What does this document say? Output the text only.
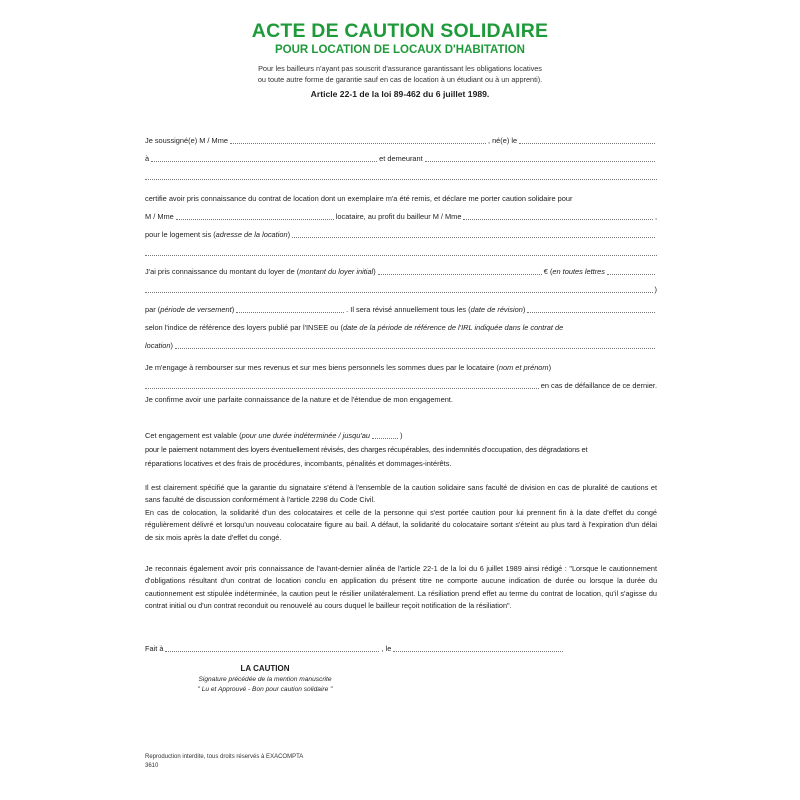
ACTE DE CAUTION SOLIDAIRE
POUR LOCATION DE LOCAUX D'HABITATION
Pour les bailleurs n'ayant pas souscrit d'assurance garantissant les obligations locatives
ou toute autre forme de garantie sauf en cas de location à un étudiant ou à un apprenti).
Article 22-1 de la loi 89-462 du 6 juillet 1989.
Je soussigné(e) M / Mme	, né(e) le
à	et demeurant
certifie avoir pris connaissance du contrat de location dont un exemplaire m'a été remis, et déclare me porter caution solidaire pour
M / Mme	locataire, au profit du bailleur M / Mme	,
pour le logement sis ( adresse de la location )
J'ai pris connaissance du montant du loyer de ( montant du loyer initial )	€ ( en toutes lettres
)
par ( période de versement )	. Il sera révisé annuellement tous les ( date de révision )
selon l'indice de référence des loyers publié par l'INSEE ou ( date de la période de référence de l'IRL indiquée dans le contrat de
location )
Je m'engage à rembourser sur mes revenus et sur mes biens personnels les sommes dues par le locataire ( nom et prénom )
en cas de défaillance de ce dernier.
Je confirme avoir une parfaite connaissance de la nature et de l'étendue de mon engagement.
Cet engagement est valable ( pour une durée indéterminée / jusqu'au	)
pour le paiement notamment des loyers éventuellement révisés, des charges récupérables, des indemnités d'occupation, des dégradations et
réparations locatives et des frais de procédures, incombants, pénalités et dommages-intérêts.
Il est clairement spécifié que la garantie du signataire s'étend à l'ensemble de la caution solidaire sans faculté de division en cas de pluralité de cautions et sans faculté de discussion conformément à l'article 2298 du Code Civil.
En cas de colocation, la solidarité d'un des colocataires et celle de la personne qui s'est portée caution pour lui prennent fin à la date d'effet du congé régulièrement délivré et lorsqu'un nouveau colocataire figure au bail. A défaut, la solidarité du colocataire sortant s'éteint au plus tard à l'expiration d'un délai de six mois après la date d'effet du congé.
Je reconnais également avoir pris connaissance de l'avant-dernier alinéa de l'article 22-1 de la loi du 6 juillet 1989 ainsi rédigé : "Lorsque le cautionnement d'obligations résultant d'un contrat de location conclu en application du présent titre ne comporte aucune indication de durée ou lorsque la durée du cautionnement est stipulée indéterminée, la caution peut le résilier unilatéralement. La résiliation prend effet au terme du contrat de location, qu'il s'agisse du contrat initial ou d'un contrat reconduit ou renouvelé au cours duquel le bailleur reçoit notification de la résiliation".
Fait à	, le
LA CAUTION
Signature précédée de la mention manuscrite
" Lu et Approuvé - Bon pour caution solidaire "
Reproduction interdite, tous droits réservés à EXACOMPTA
3610
